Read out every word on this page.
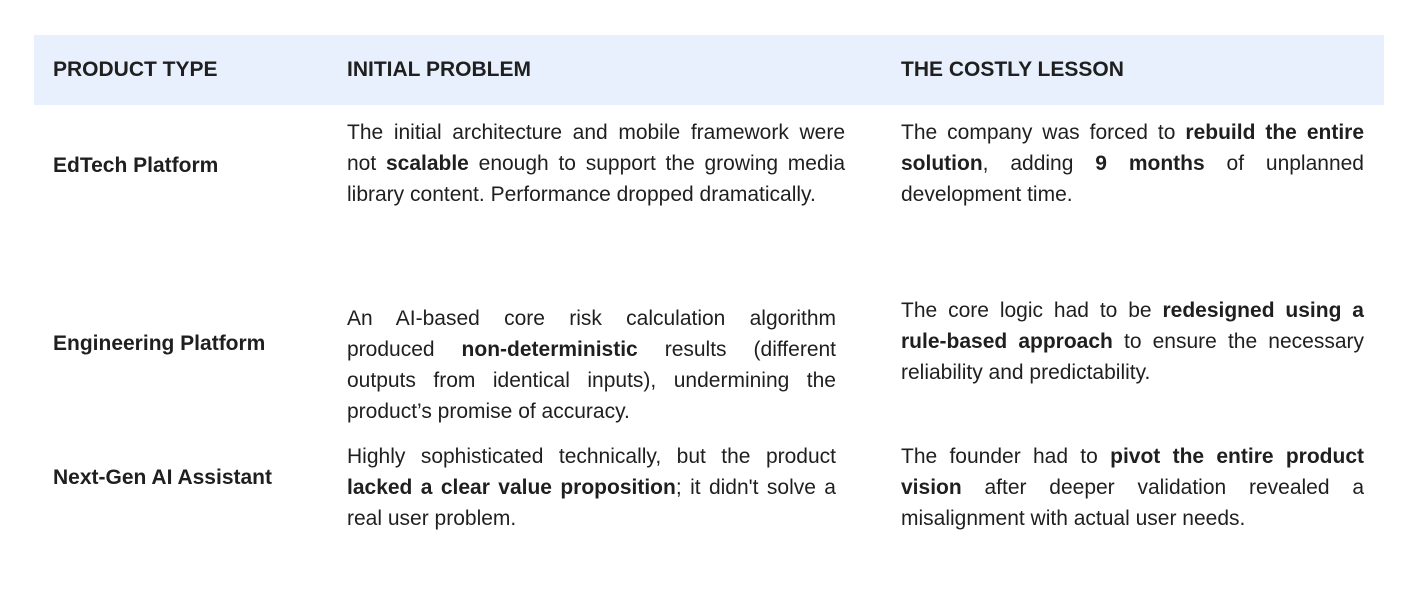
PRODUCT TYPE	INITIAL PROBLEM	THE COSTLY LESSON
EdTech Platform
The initial architecture and mobile framework were not scalable enough to support the growing media library content. Performance dropped dramatically.
The company was forced to rebuild the entire solution, adding 9 months of unplanned development time.
Engineering Platform
An AI-based core risk calculation algorithm produced non-deterministic results (different outputs from identical inputs), undermining the product’s promise of accuracy.
The core logic had to be redesigned using a rule-based approach to ensure the necessary reliability and predictability.
Next-Gen AI Assistant
Highly sophisticated technically, but the product lacked a clear value proposition; it didn't solve a real user problem.
The founder had to pivot the entire product vision after deeper validation revealed a misalignment with actual user needs.
